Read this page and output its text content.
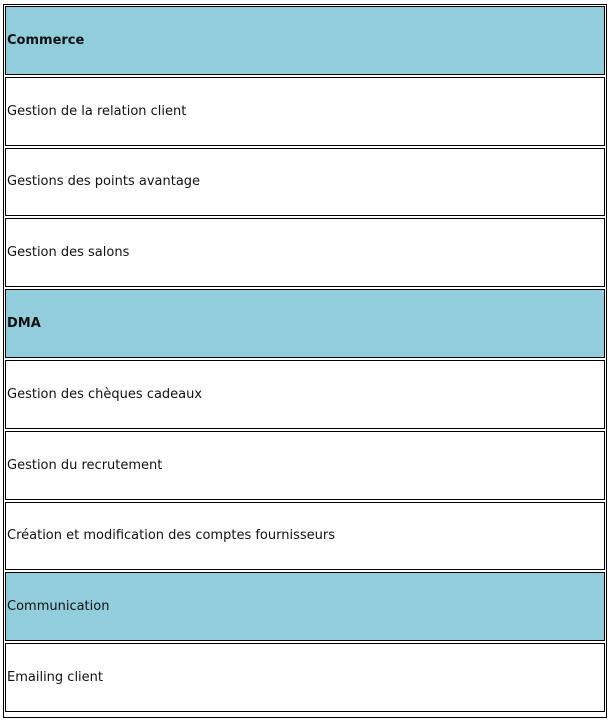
Commerce
Gestion de la relation client
Gestions des points avantage
Gestion des salons
DMA
Gestion des chèques cadeaux
Gestion du recrutement
Création et modification des comptes fournisseurs
Communication
Emailing client
